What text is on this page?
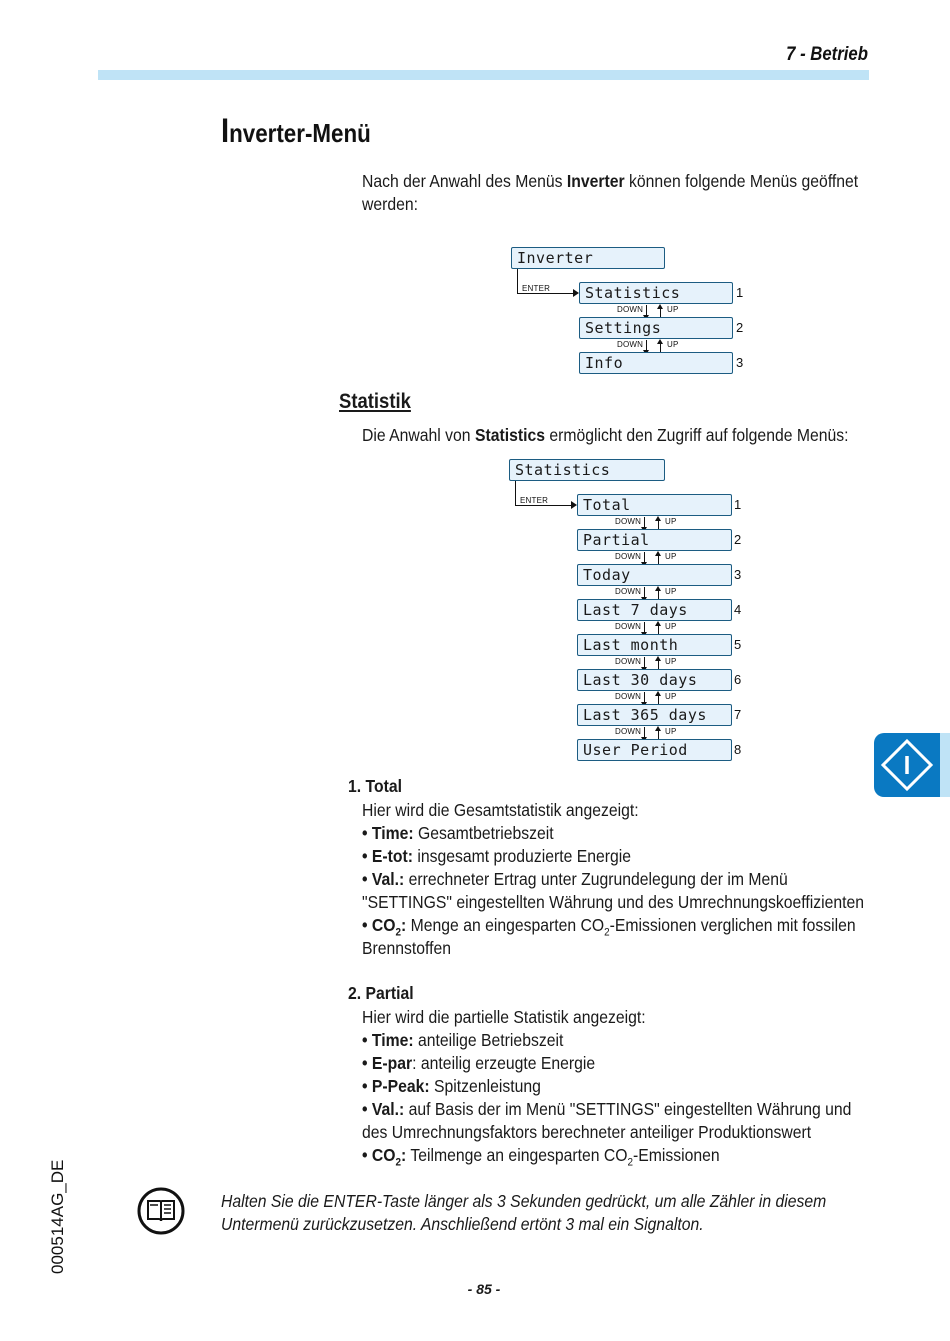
7 - Betrieb
Inverter-Menü
Nach der Anwahl des Menüs Inverter können folgende Menüs geöffnet werden:
Inverter
ENTER	Statistics	1
DOWN	UP
Settings	2
DOWN	UP
Info	3
Statistik
Die Anwahl von Statistics ermöglicht den Zugriff auf folgende Menüs:
Statistics
ENTER	Total	1
DOWN	UP
Partial	2
DOWN	UP
Today	3
DOWN	UP
Last 7 days	4
DOWN	UP
Last month	5
DOWN	UP
Last 30 days	6
DOWN	UP
Last 365 days	7
DOWN	UP
User Period	8
1. Total
Hier wird die Gesamtstatistik angezeigt:
• Time: Gesamtbetriebszeit
• E-tot: insgesamt produzierte Energie
• Val.: errechneter Ertrag unter Zugrundelegung der im Menü "SETTINGS" eingestellten Währung und des Umrechnungskoeffizienten
• $CO_2$: Menge an eingesparten $CO_2$-Emissionen verglichen mit fossilen Brennstoffen
2. Partial
Hier wird die partielle Statistik angezeigt:
• Time: anteilige Betriebszeit
• E-par: anteilig erzeugte Energie
• P-Peak: Spitzenleistung
• Val.: auf Basis der im Menü "SETTINGS" eingestellten Währung und des Umrechnungsfaktors berechneter anteiliger Produktionswert
• $CO_2$: Teilmenge an eingesparten $CO_2$-Emissionen
Halten Sie die ENTER-Taste länger als 3 Sekunden gedrückt, um alle Zähler in diesem Untermenü zurückzusetzen. Anschließend ertönt 3 mal ein Signalton.
- 85 -
000514AG_DE
